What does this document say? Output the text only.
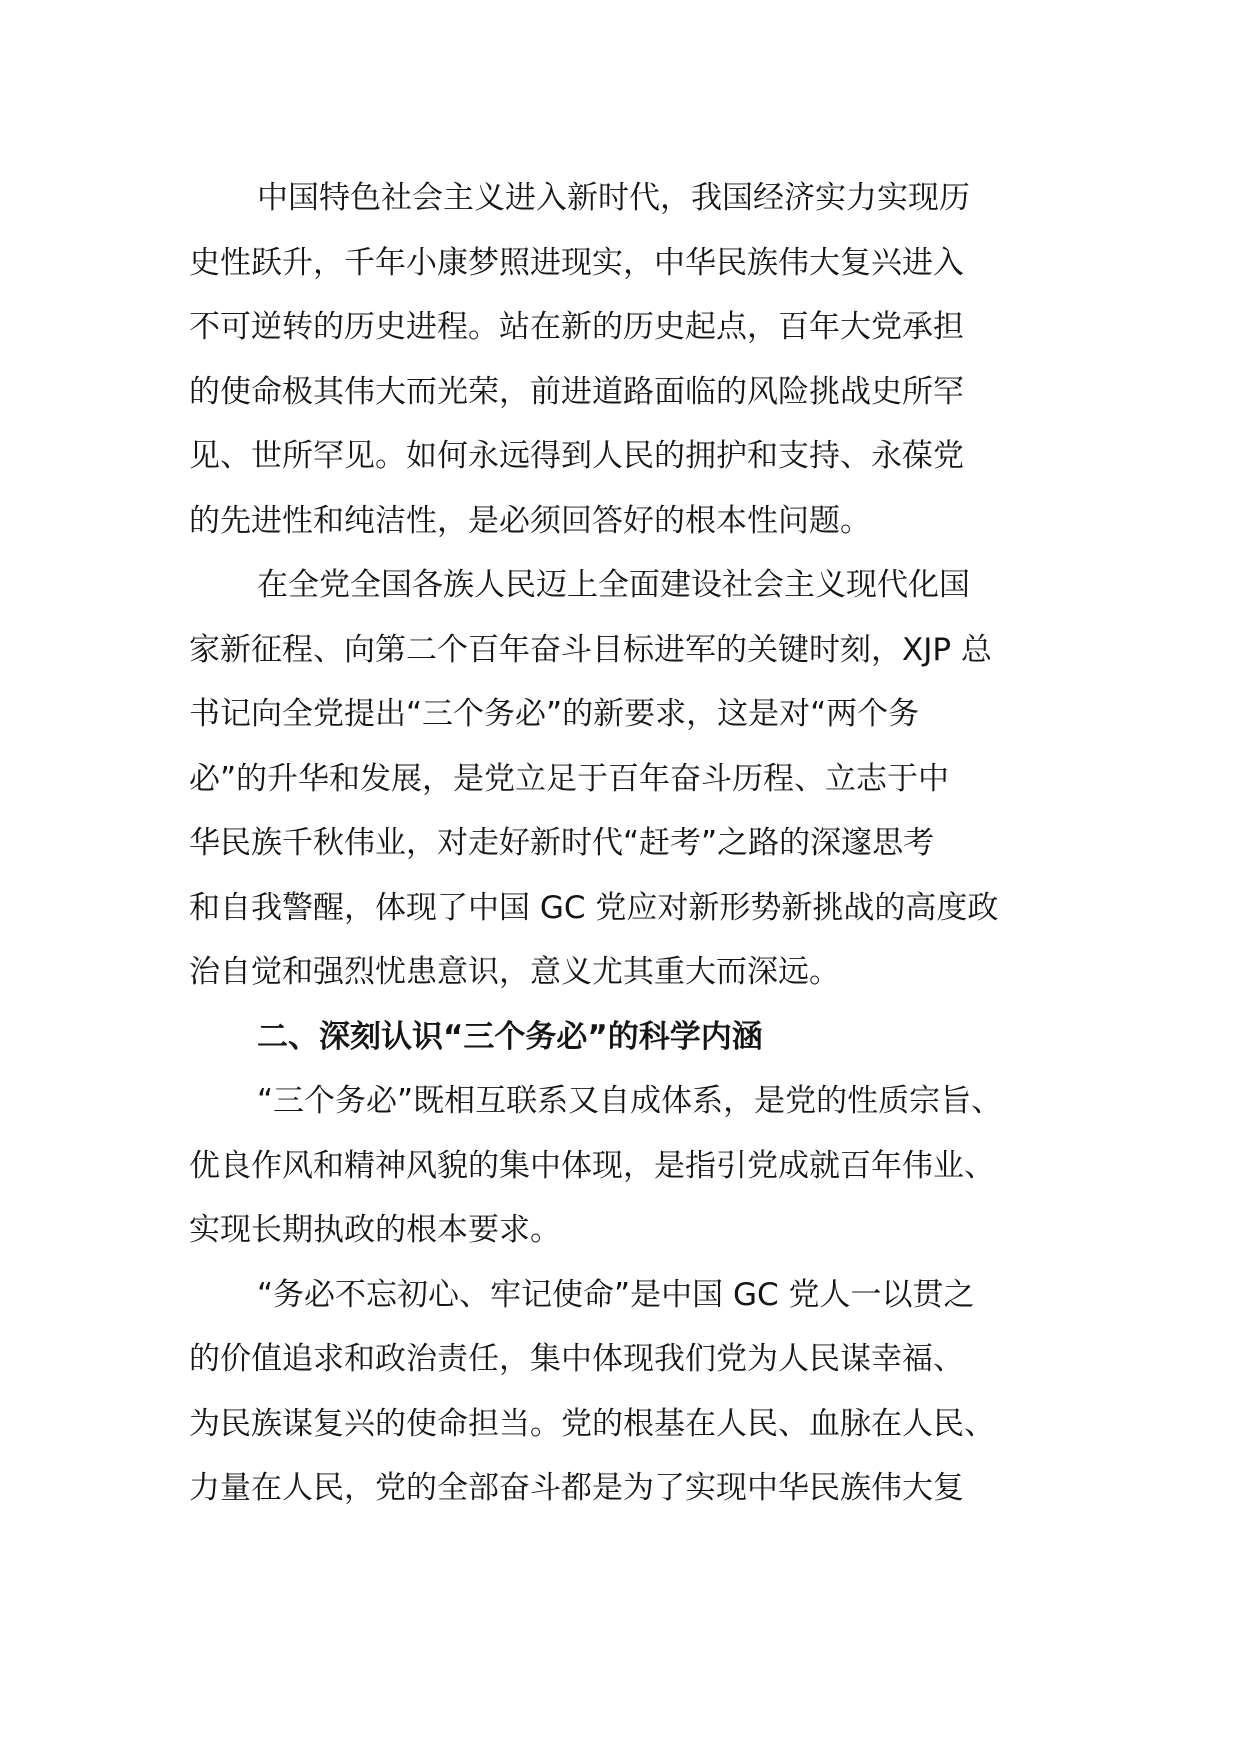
中国特色社会主义进入新时代，我国经济实力实现历
史性跃升，千年小康梦照进现实，中华民族伟大复兴进入
不可逆转的历史进程。站在新的历史起点，百年大党承担
的使命极其伟大而光荣，前进道路面临的风险挑战史所罕
见、世所罕见。如何永远得到人民的拥护和支持、永葆党
的先进性和纯洁性，是必须回答好的根本性问题。
在全党全国各族人民迈上全面建设社会主义现代化国
家新征程、向第二个百年奋斗目标进军的关键时刻，XJP 总
书记向全党提出“三个务必”的新要求，这是对“两个务
必”的升华和发展，是党立足于百年奋斗历程、立志于中
华民族千秋伟业，对走好新时代“赶考”之路的深邃思考
和自我警醒，体现了中国 GC 党应对新形势新挑战的高度政
治自觉和强烈忧患意识，意义尤其重大而深远。
二、深刻认识“三个务必”的科学内涵
“三个务必”既相互联系又自成体系，是党的性质宗旨、
优良作风和精神风貌的集中体现，是指引党成就百年伟业、
实现长期执政的根本要求。
“务必不忘初心、牢记使命”是中国 GC 党人一以贯之
的价值追求和政治责任，集中体现我们党为人民谋幸福、
为民族谋复兴的使命担当。党的根基在人民、血脉在人民、
力量在人民，党的全部奋斗都是为了实现中华民族伟大复
